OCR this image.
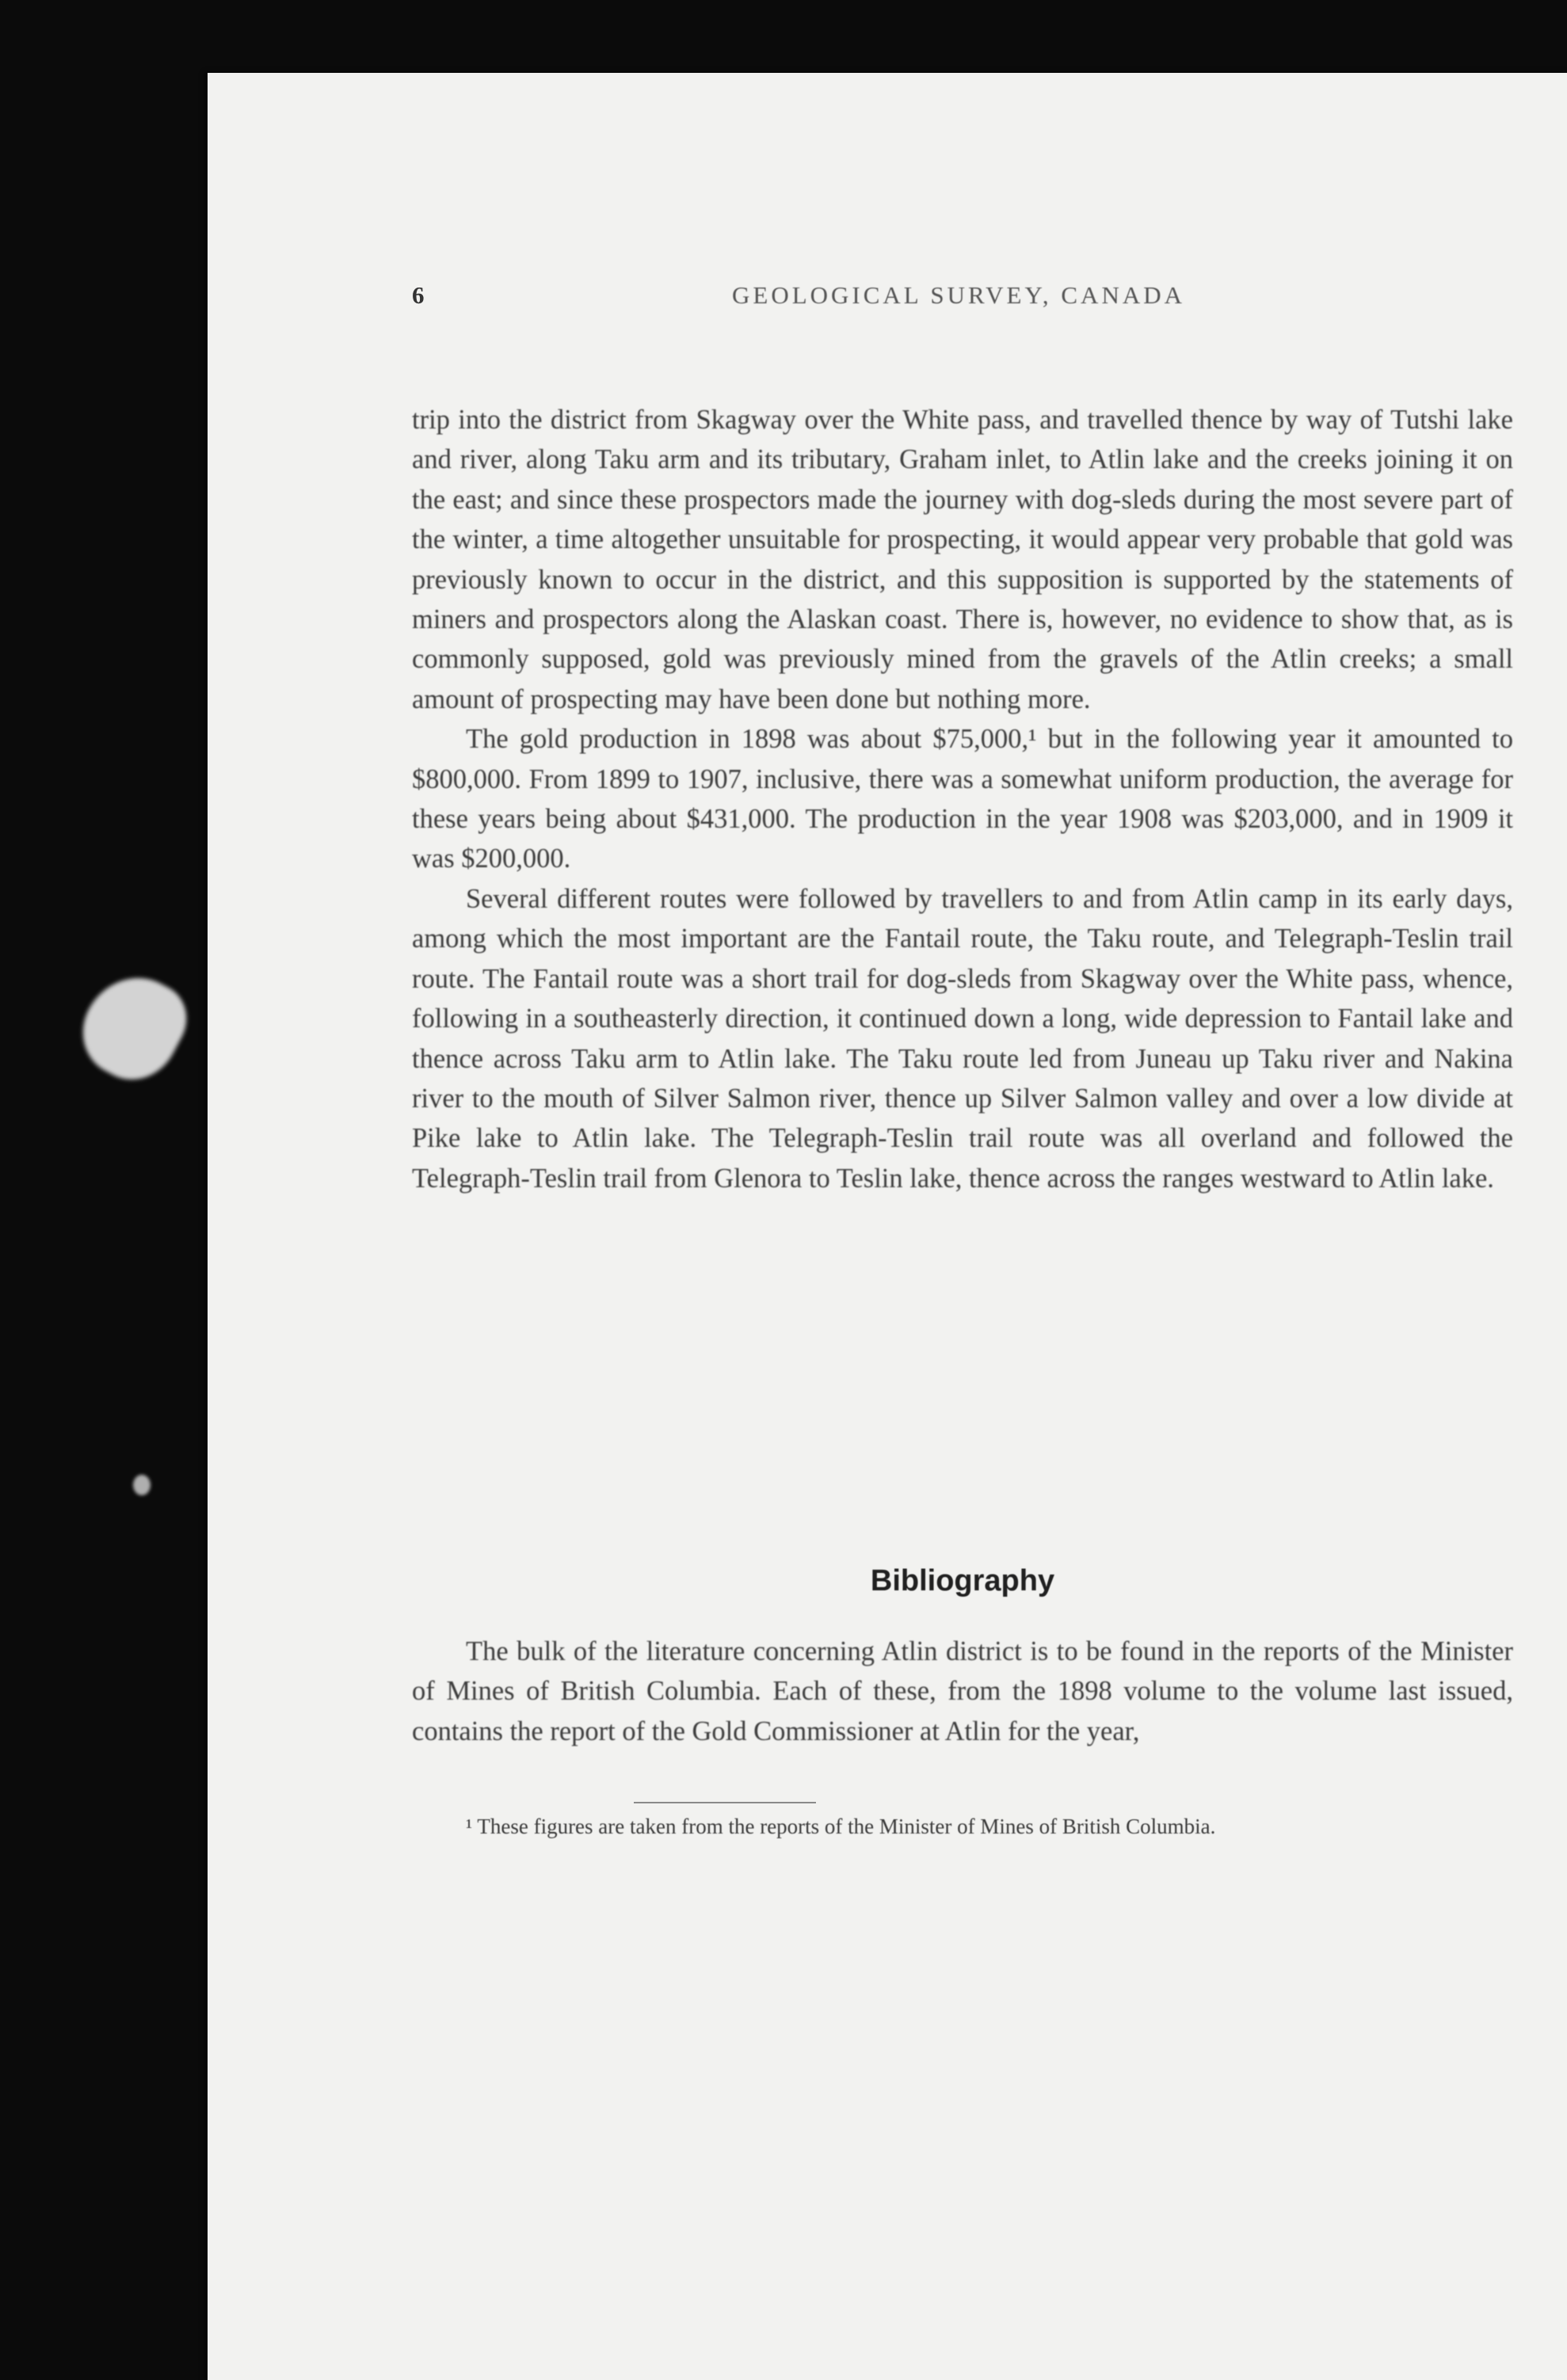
6	GEOLOGICAL SURVEY, CANADA

trip into the district from Skagway over the White pass, and travelled thence by way of Tutshi lake and river, along Taku arm and its tributary, Graham inlet, to Atlin lake and the creeks joining it on the east; and since these prospectors made the journey with dog-sleds during the most severe part of the winter, a time altogether unsuitable for prospecting, it would appear very probable that gold was previously known to occur in the district, and this supposition is supported by the statements of miners and prospectors along the Alaskan coast. There is, however, no evidence to show that, as is commonly supposed, gold was previously mined from the gravels of the Atlin creeks; a small amount of prospecting may have been done but nothing more.

The gold production in 1898 was about $75,000,¹ but in the following year it amounted to $800,000. From 1899 to 1907, inclusive, there was a somewhat uniform production, the average for these years being about $431,000. The production in the year 1908 was $203,000, and in 1909 it was $200,000.

Several different routes were followed by travellers to and from Atlin camp in its early days, among which the most important are the Fantail route, the Taku route, and Telegraph-Teslin trail route. The Fantail route was a short trail for dog-sleds from Skagway over the White pass, whence, following in a southeasterly direction, it continued down a long, wide depression to Fantail lake and thence across Taku arm to Atlin lake. The Taku route led from Juneau up Taku river and Nakina river to the mouth of Silver Salmon river, thence up Silver Salmon valley and over a low divide at Pike lake to Atlin lake. The Telegraph-Teslin trail route was all overland and followed the Telegraph-Teslin trail from Glenora to Teslin lake, thence across the ranges westward to Atlin lake.

Bibliography

The bulk of the literature concerning Atlin district is to be found in the reports of the Minister of Mines of British Columbia. Each of these, from the 1898 volume to the volume last issued, contains the report of the Gold Commissioner at Atlin for the year,

¹ These figures are taken from the reports of the Minister of Mines of British Columbia.
